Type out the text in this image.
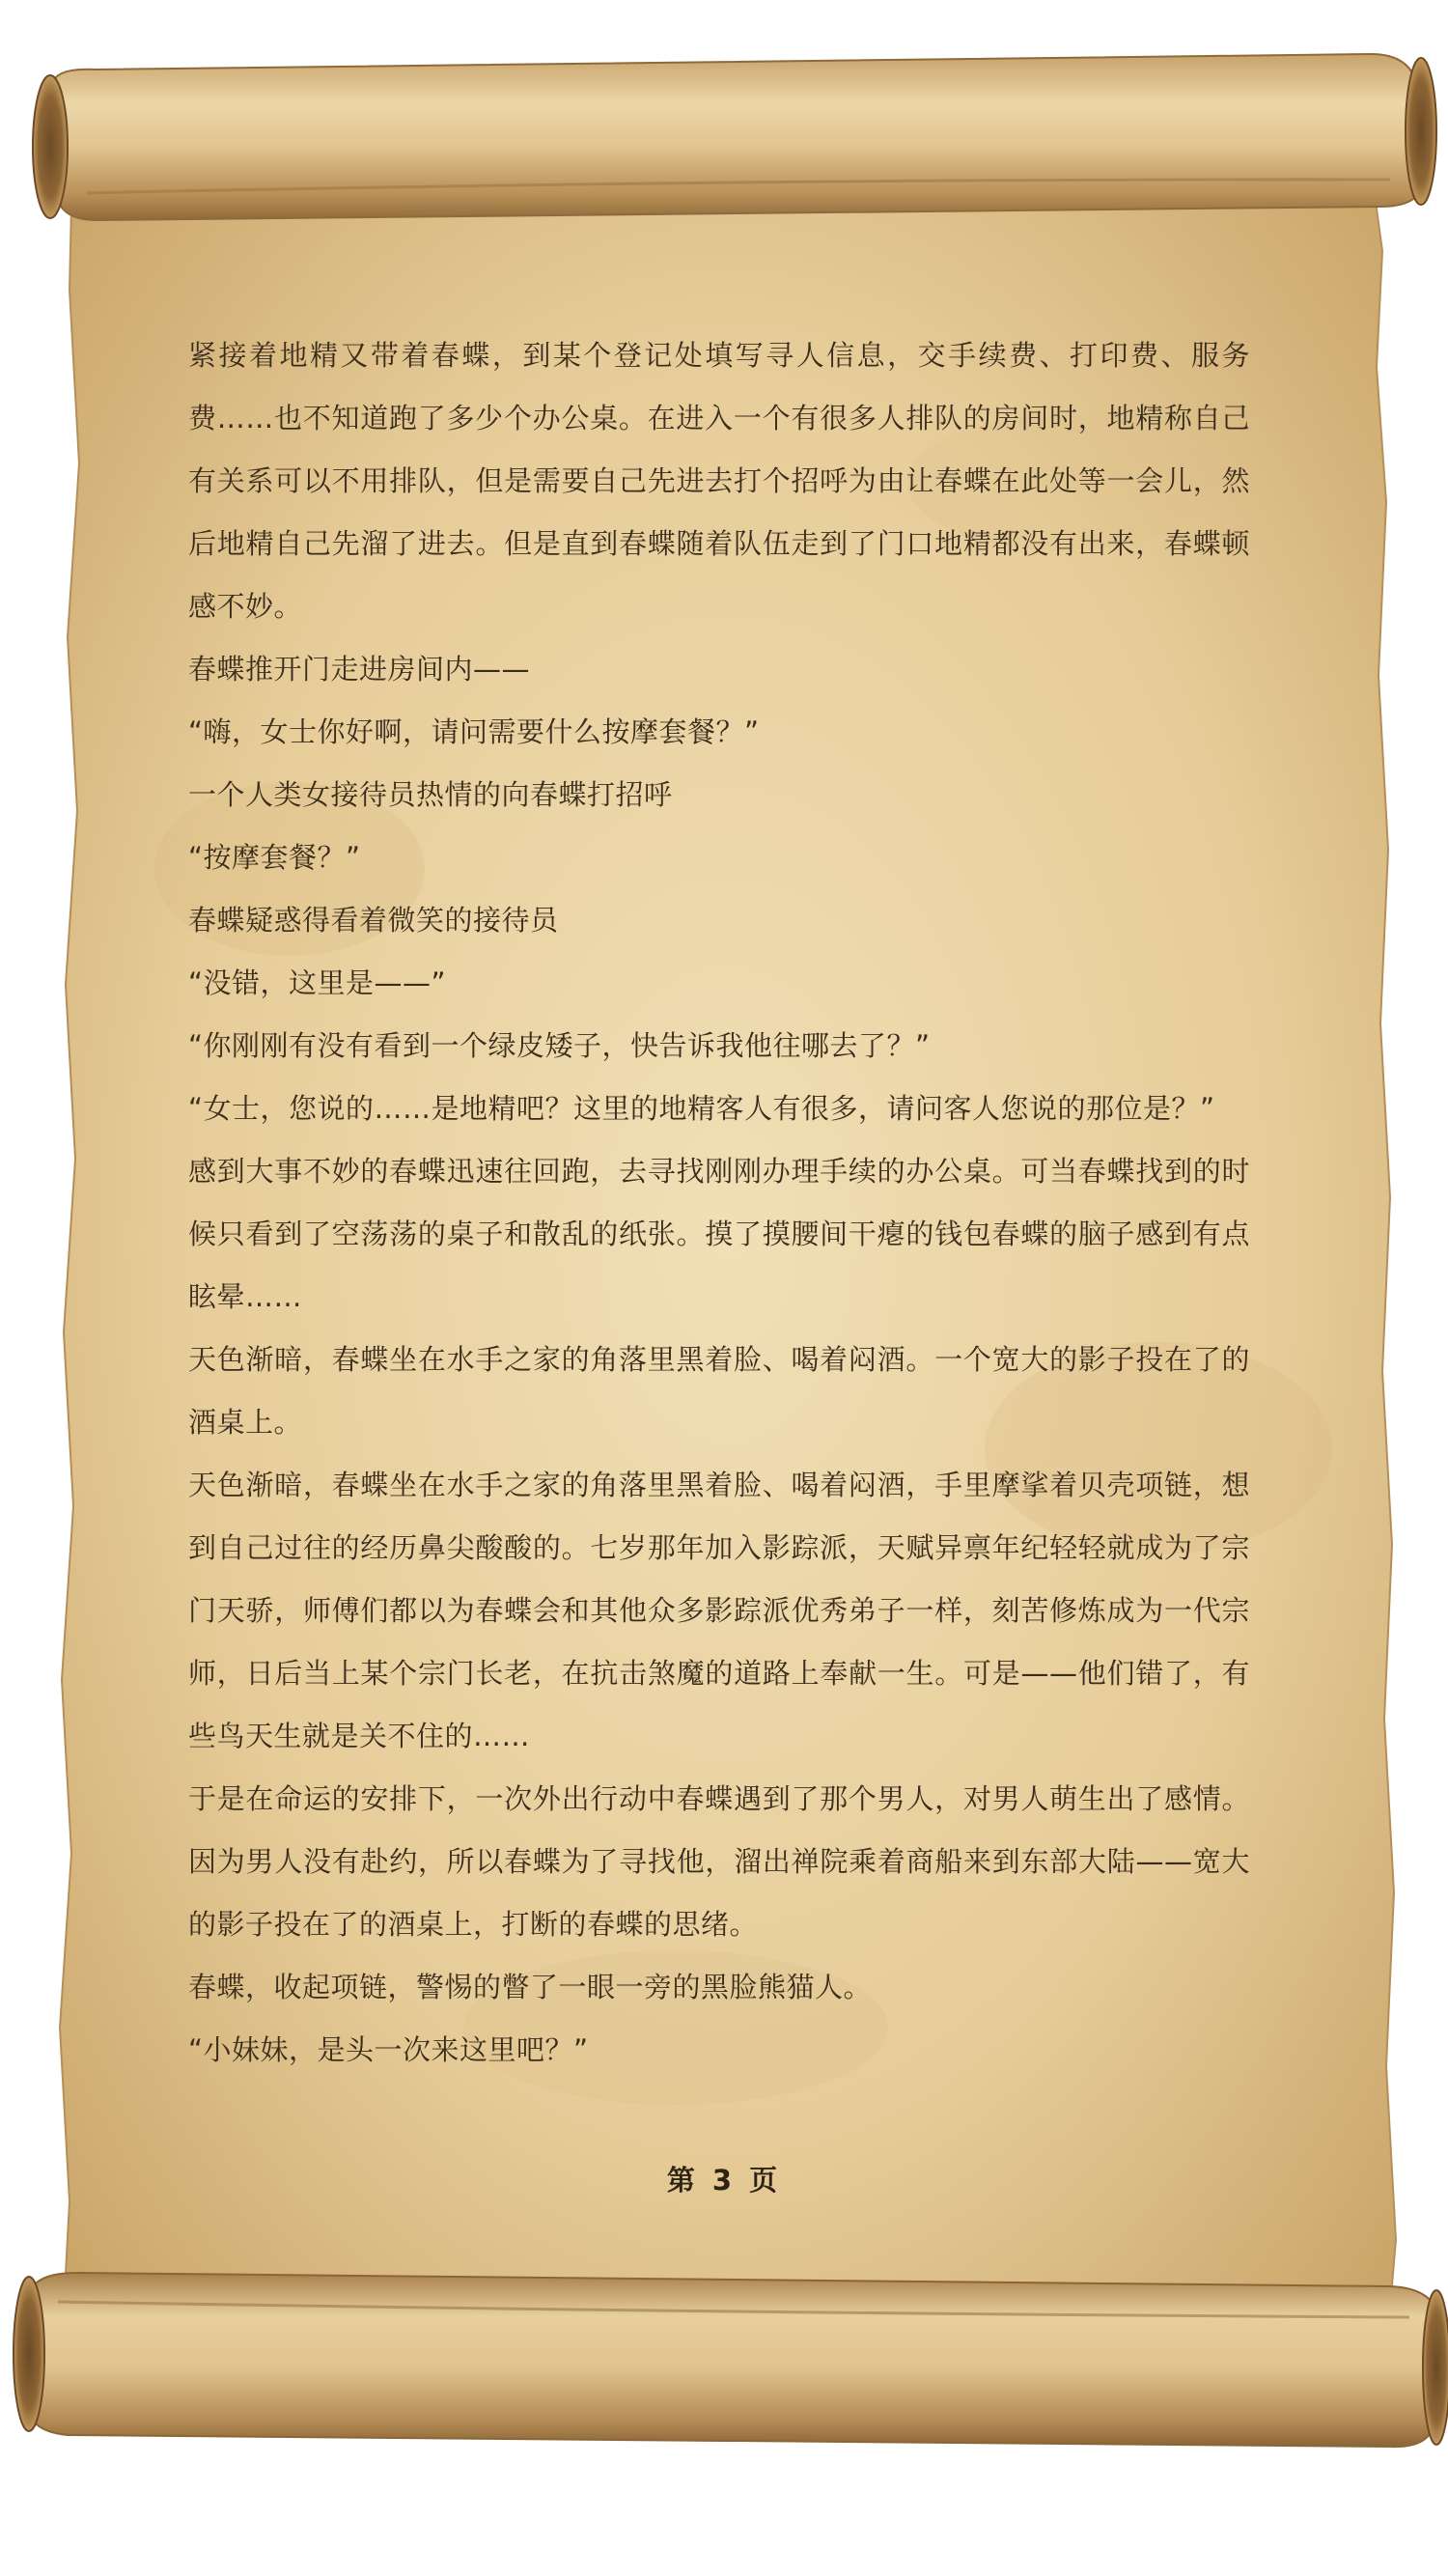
紧接着地精又带着春蝶，到某个登记处填写寻人信息，交手续费、打印费、服务费……也不知道跑了多少个办公桌。在进入一个有很多人排队的房间时，地精称自己有关系可以不用排队，但是需要自己先进去打个招呼为由让春蝶在此处等一会儿，然后地精自己先溜了进去。但是直到春蝶随着队伍走到了门口地精都没有出来，春蝶顿感不妙。

春蝶推开门走进房间内——

“嗨，女士你好啊，请问需要什么按摩套餐？”

一个人类女接待员热情的向春蝶打招呼

“按摩套餐？”

春蝶疑惑得看着微笑的接待员

“没错，这里是——”

“你刚刚有没有看到一个绿皮矮子，快告诉我他往哪去了？”

“女士，您说的……是地精吧？这里的地精客人有很多，请问客人您说的那位是？”

感到大事不妙的春蝶迅速往回跑，去寻找刚刚办理手续的办公桌。可当春蝶找到的时候只看到了空荡荡的桌子和散乱的纸张。摸了摸腰间干瘪的钱包春蝶的脑子感到有点眩晕……

天色渐暗，春蝶坐在水手之家的角落里黑着脸、喝着闷酒。一个宽大的影子投在了的酒桌上。

天色渐暗，春蝶坐在水手之家的角落里黑着脸、喝着闷酒，手里摩挲着贝壳项链，想到自己过往的经历鼻尖酸酸的。七岁那年加入影踪派，天赋异禀年纪轻轻就成为了宗门天骄，师傅们都以为春蝶会和其他众多影踪派优秀弟子一样，刻苦修炼成为一代宗师，日后当上某个宗门长老，在抗击煞魔的道路上奉献一生。可是——他们错了，有些鸟天生就是关不住的……

于是在命运的安排下，一次外出行动中春蝶遇到了那个男人，对男人萌生出了感情。因为男人没有赴约，所以春蝶为了寻找他，溜出禅院乘着商船来到东部大陆——宽大的影子投在了的酒桌上，打断的春蝶的思绪。

春蝶，收起项链，警惕的瞥了一眼一旁的黑脸熊猫人。

“小妹妹，是头一次来这里吧？”

第 3 页
